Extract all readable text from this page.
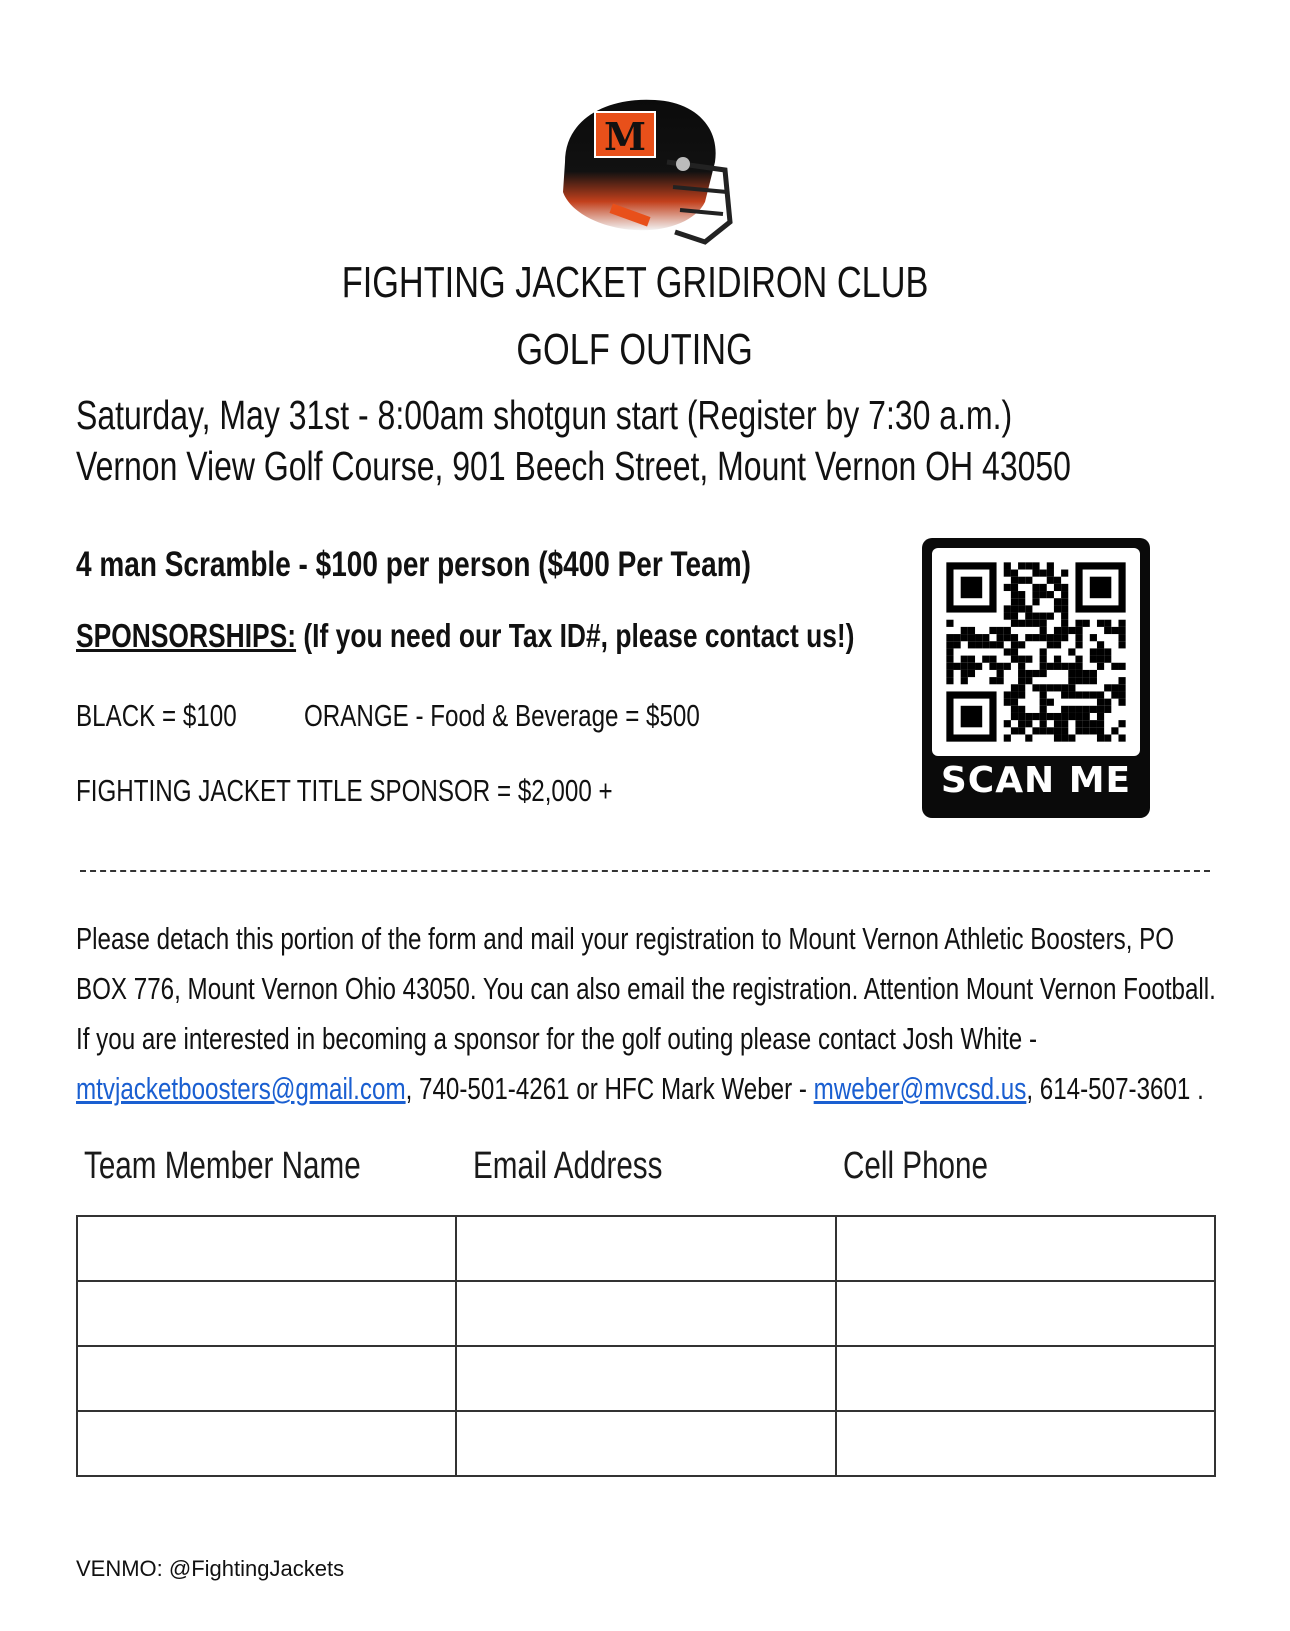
M
FIGHTING JACKET GRIDIRON CLUB
GOLF OUTING
Saturday, May 31st - 8:00am shotgun start (Register by 7:30 a.m.)
Vernon View Golf Course, 901 Beech Street, Mount Vernon OH 43050
4 man Scramble - $100 per person ($400 Per Team)
SPONSORSHIPS: (If you need our Tax ID#, please contact us!)
BLACK = $100 ORANGE - Food & Beverage = $500
FIGHTING JACKET TITLE SPONSOR = $2,000 +	SCAN ME
Please detach this portion of the form and mail your registration to Mount Vernon Athletic Boosters, PO
BOX 776, Mount Vernon Ohio 43050. You can also email the registration. Attention Mount Vernon Football.
If you are interested in becoming a sponsor for the golf outing please contact Josh White -
mtvjacketboosters@gmail.com, 740-501-4261 or HFC Mark Weber - mweber@mvcsd.us, 614-507-3601 .
Team Member Name	Email Address	Cell Phone

VENMO: @FightingJackets
